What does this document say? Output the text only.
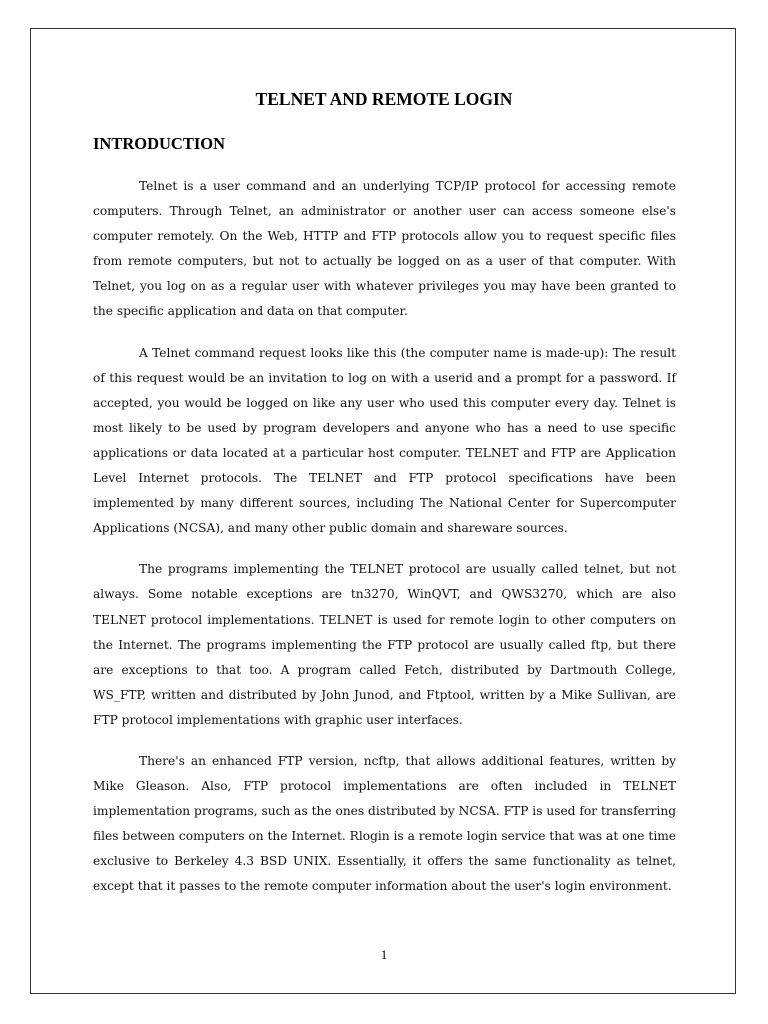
TELNET AND REMOTE LOGIN
INTRODUCTION

Telnet is a user command and an underlying TCP/IP protocol for accessing remote computers. Through Telnet, an administrator or another user can access someone else's computer remotely. On the Web, HTTP and FTP protocols allow you to request specific files from remote computers, but not to actually be logged on as a user of that computer. With Telnet, you log on as a regular user with whatever privileges you may have been granted to the specific application and data on that computer.

A Telnet command request looks like this (the computer name is made-up): The result of this request would be an invitation to log on with a userid and a prompt for a password. If accepted, you would be logged on like any user who used this computer every day. Telnet is most likely to be used by program developers and anyone who has a need to use specific applications or data located at a particular host computer. TELNET and FTP are Application Level Internet protocols. The TELNET and FTP protocol specifications have been implemented by many different sources, including The National Center for Supercomputer Applications (NCSA), and many other public domain and shareware sources.

The programs implementing the TELNET protocol are usually called telnet, but not always. Some notable exceptions are tn3270, WinQVT, and QWS3270, which are also TELNET protocol implementations. TELNET is used for remote login to other computers on the Internet. The programs implementing the FTP protocol are usually called ftp, but there are exceptions to that too. A program called Fetch, distributed by Dartmouth College, WS_FTP, written and distributed by John Junod, and Ftptool, written by a Mike Sullivan, are FTP protocol implementations with graphic user interfaces.

There's an enhanced FTP version, ncftp, that allows additional features, written by Mike Gleason. Also, FTP protocol implementations are often included in TELNET implementation programs, such as the ones distributed by NCSA. FTP is used for transferring files between computers on the Internet. Rlogin is a remote login service that was at one time exclusive to Berkeley 4.3 BSD UNIX. Essentially, it offers the same functionality as telnet, except that it passes to the remote computer information about the user's login environment.

1
